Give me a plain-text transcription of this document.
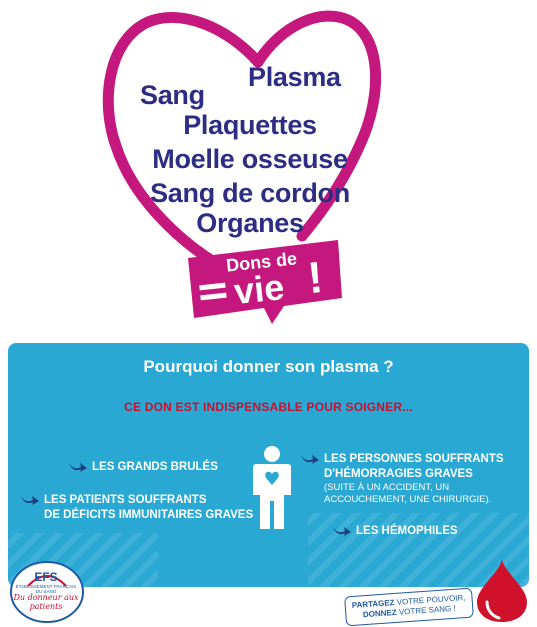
Sang
Plasma
Plaquettes
Moelle osseuse
Sang de cordon
Organes
Dons de
vie !
Pourquoi donner son plasma ?
CE DON EST INDISPENSABLE POUR SOIGNER...
LES GRANDS BRULÉS
LES PATIENTS SOUFFRANTS
DE DÉFICITS IMMUNITAIRES GRAVES
LES PERSONNES SOUFFRANTS
D'HÉMORRAGIES GRAVES
(SUITE À UN ACCIDENT, UN ACCOUCHEMENT, UNE CHIRURGIE).
LES HÉMOPHILES
EFS
ÉTABLISSEMENT FRANÇAIS DU SANG
Du donneur aux patients	PARTAGEZ VOTRE POUVOIR,
DONNEZ VOTRE SANG !
